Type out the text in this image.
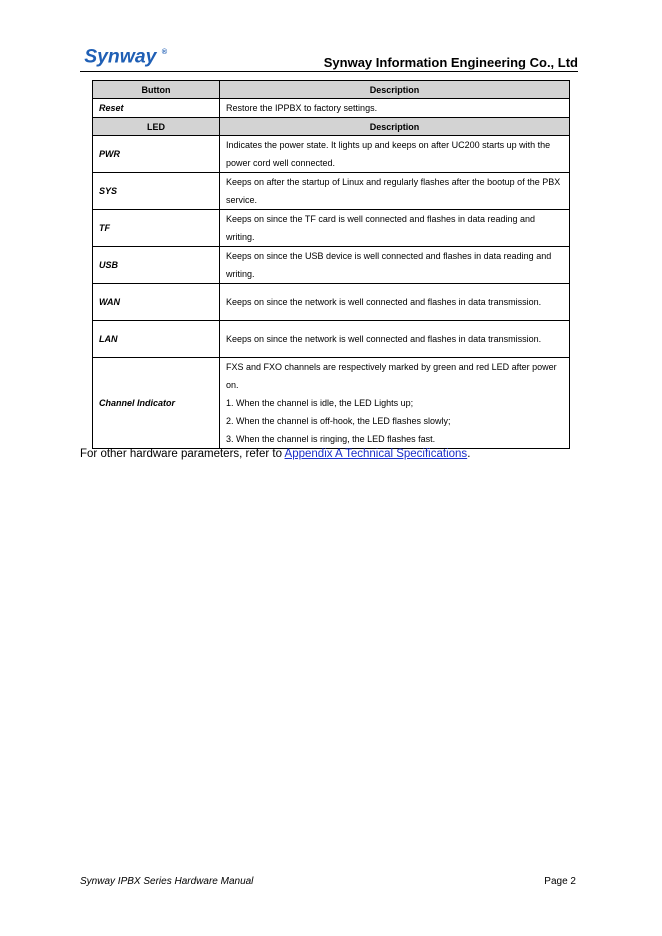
Synway ®
Synway Information Engineering Co., Ltd
Button	Description
Reset	Restore the IPPBX to factory settings.
LED	Description
PWR	Indicates the power state. It lights up and keeps on after UC200 starts up with the power cord well connected.
SYS	Keeps on after the startup of Linux and regularly flashes after the bootup of the PBX service.
TF	Keeps on since the TF card is well connected and flashes in data reading and writing.
USB	Keeps on since the USB device is well connected and flashes in data reading and writing.
WAN	Keeps on since the network is well connected and flashes in data transmission.
LAN	Keeps on since the network is well connected and flashes in data transmission.
Channel Indicator	FXS and FXO channels are respectively marked by green and red LED after power on.

1. When the channel is idle, the LED Lights up;

2. When the channel is off-hook, the LED flashes slowly;

3. When the channel is ringing, the LED flashes fast.

For other hardware parameters, refer to Appendix A Technical Specifications.
Synway IPBX Series Hardware Manual	Page 2
